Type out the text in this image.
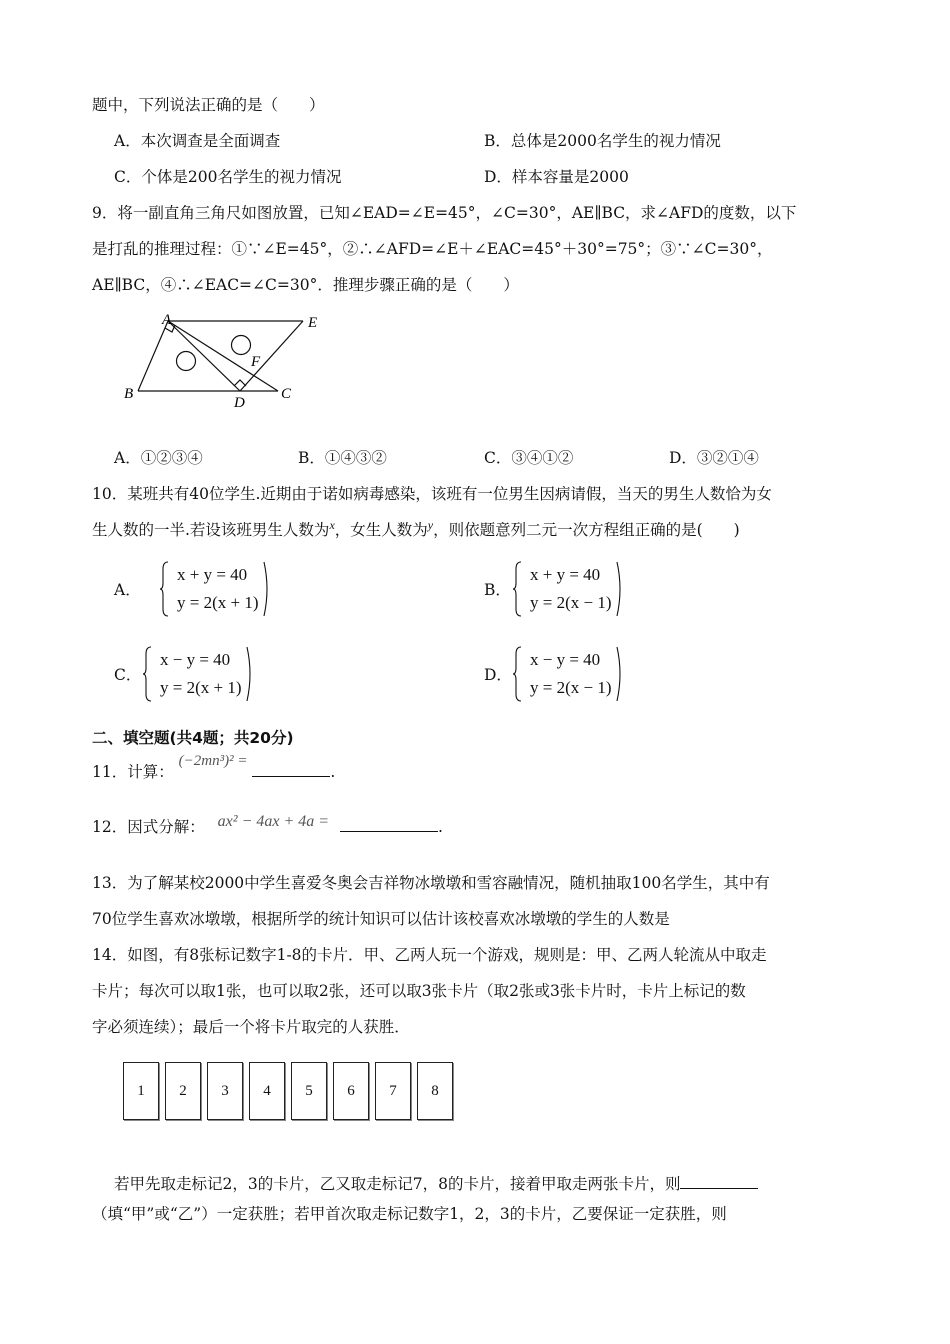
题中，下列说法正确的是（　　）
A．本次调查是全面调查	B．总体是2000名学生的视力情况
C．个体是200名学生的视力情况	D．样本容量是2000
9．将一副直角三角尺如图放置，已知∠EAD=∠E=45°，∠C=30°，AE∥BC，求∠AFD的度数，以下
是打乱的推理过程：①∵∠E=45°，②∴∠AFD=∠E＋∠EAC=45°＋30°=75°；③∵∠C=30°，
AE∥BC，④∴∠EAC=∠C=30°．推理步骤正确的是（　　）
A	E
B
D
C
F
A．①②③④	B．①④③②	C．③④①②	D．③②①④
10．某班共有40位学生.近期由于诺如病毒感染，该班有一位男生因病请假，当天的男生人数恰为女
生人数的一半.若设该班男生人数为$^x$，女生人数为$^y$，则依题意列二元一次方程组正确的是(　　)
A．
x + y = 40
y = 2(x + 1)
B．
x + y = 40
y = 2(x − 1)
C．
x − y = 40
y = 2(x + 1)
D．
x − y = 40
y = 2(x − 1)
二、填空题(共4题；共20分)
11．计算： (−2mn³)² = .
12．因式分解： ax² − 4ax + 4a =	.
13．为了解某校2000中学生喜爱冬奥会吉祥物冰墩墩和雪容融情况，随机抽取100名学生，其中有
70位学生喜欢冰墩墩，根据所学的统计知识可以估计该校喜欢冰墩墩的学生的人数是
14．如图，有8张标记数字1-8的卡片．甲、乙两人玩一个游戏，规则是：甲、乙两人轮流从中取走
卡片；每次可以取1张，也可以取2张，还可以取3张卡片（取2张或3张卡片时，卡片上标记的数
字必须连续）；最后一个将卡片取完的人获胜．
1	2	3	4	5	6	7	8
若甲先取走标记2，3的卡片，乙又取走标记7，8的卡片，接着甲取走两张卡片，则
（填“甲”或“乙”）一定获胜；若甲首次取走标记数字1，2，3的卡片，乙要保证一定获胜，则
